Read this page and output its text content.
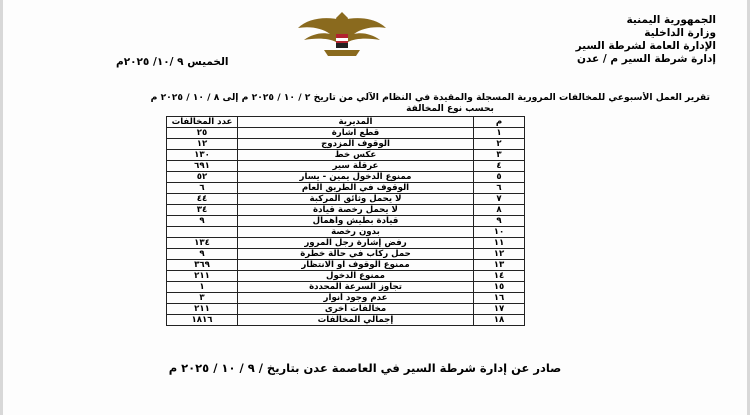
الجمهورية اليمنية
وزارة الداخلية
الإدارة العامة لشرطة السير
إدارة شرطة السير م / عدن
الخميس ٩ /١٠/ ٢٠٢٥م
تقرير العمل الأسبوعي للمخالفات المرورية المسجلة والمقيدة في النظام الآلي من تاريخ ٢ / ١٠ / ٢٠٢٥ م إلى ٨ / ١٠ / ٢٠٢٥ م
بحسب نوع المخالفة
م	المديرية	عدد المخالفات
١	قطع اشارة	٢٥
٢	الوقوف المزدوج	١٢
٣	عكس خط	١٣٠
٤	عرقلة سير	٦٩١
٥	ممنوع الدخول يمين - يسار	٥٢
٦	الوقوف في الطريق العام	٦
٧	لا يحمل وثائق المركبة	٤٤
٨	لا يحمل رخصة قيادة	٣٤
٩	قيادة بطيش واهمال	٩
١٠	بدون رخصة	
١١	رفض إشارة رجل المرور	١٣٤
١٢	حمل ركاب في حالة خطرة	٩
١٣	ممنوع الوقوف او الانتظار	٣٦٩
١٤	ممنوع الدخول	٢١١
١٥	تجاوز السرعة المحددة	١
١٦	عدم وجود أنوار	٣
١٧	مخالفات أخرى	٢١١
١٨	إجمالي المخالفات	١٨١٦
صادر عن إدارة شرطة السير في العاصمة عدن بتاريخ / ٩ / ١٠ / ٢٠٢٥ م
